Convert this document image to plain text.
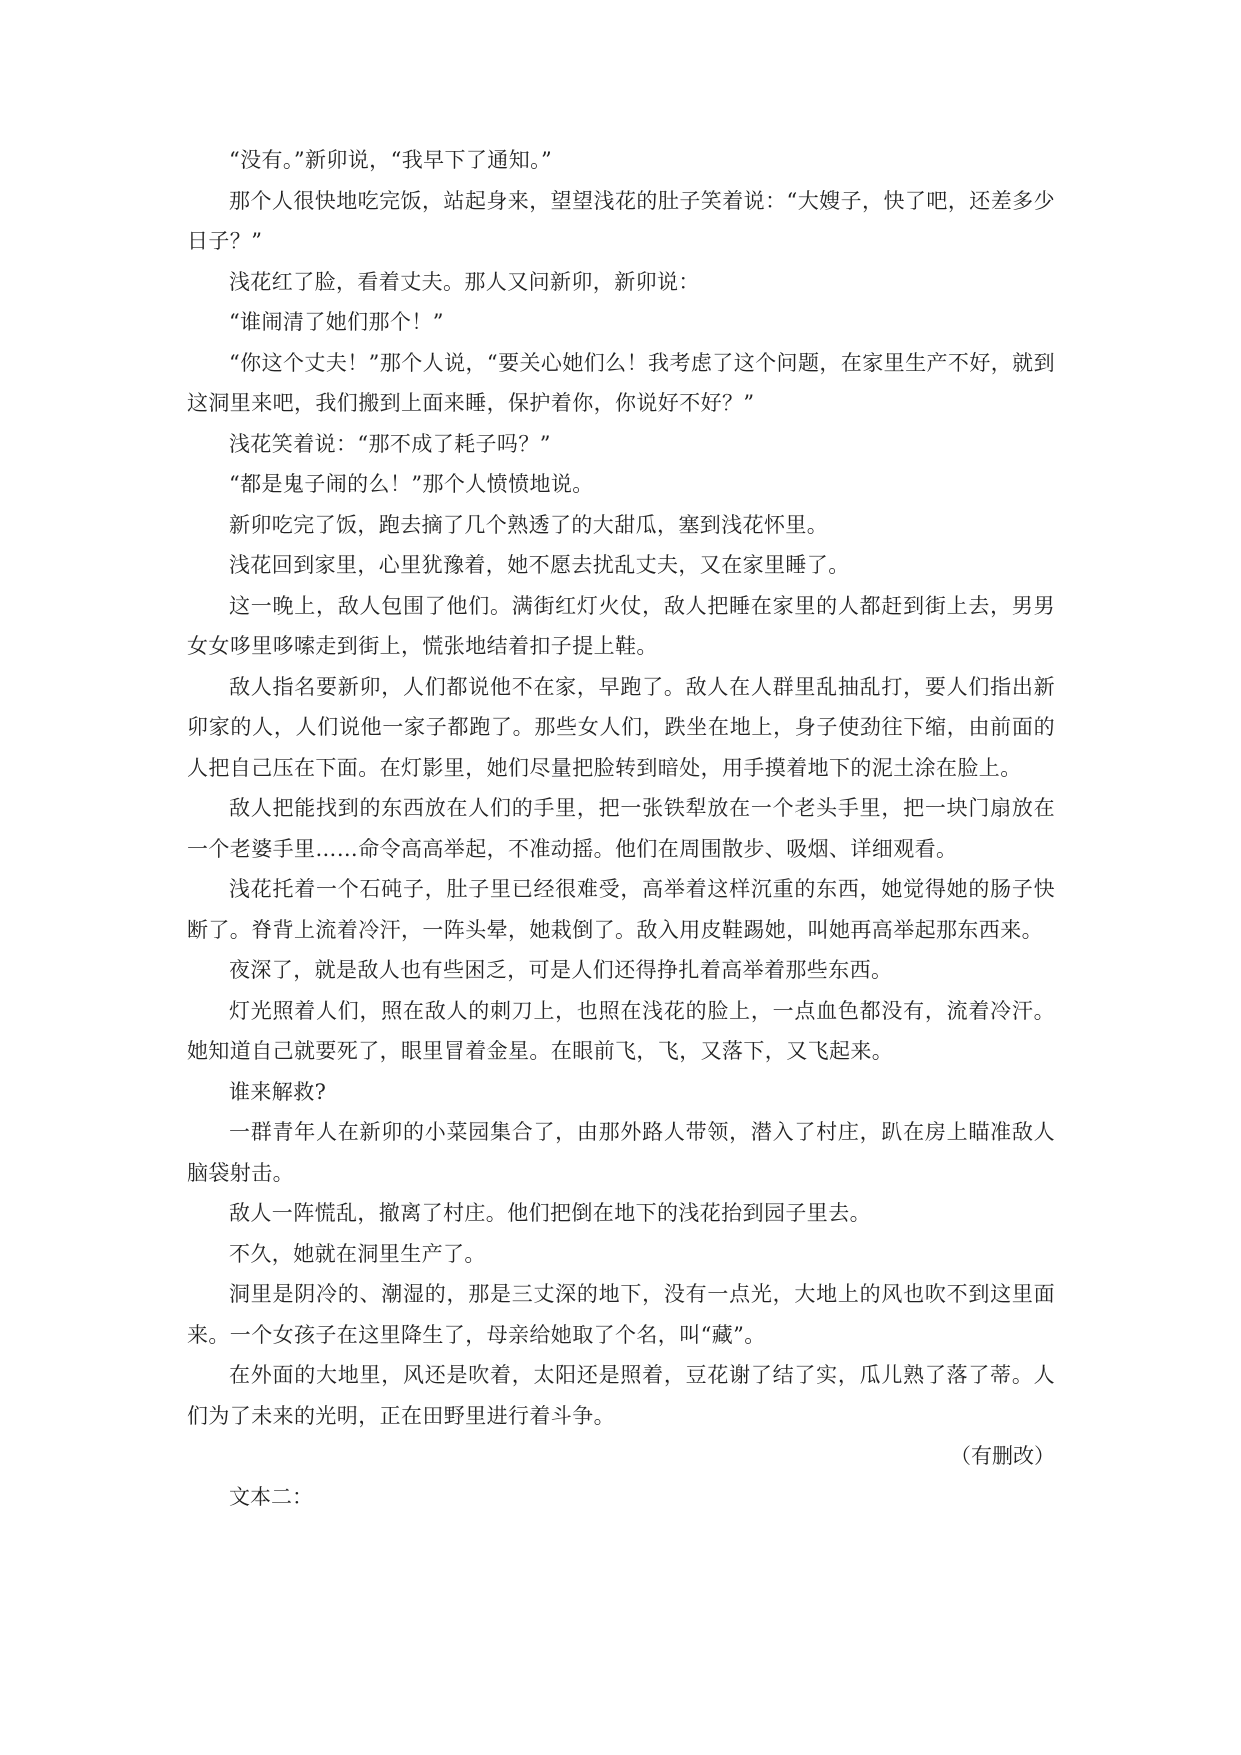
“没有。”新卯说，“我早下了通知。”

那个人很快地吃完饭，站起身来，望望浅花的肚子笑着说：“大嫂子，快了吧，还差多少日子？”

浅花红了脸，看着丈夫。那人又问新卯，新卯说：

“谁闹清了她们那个！”

“你这个丈夫！”那个人说，“要关心她们么！我考虑了这个问题，在家里生产不好，就到这洞里来吧，我们搬到上面来睡，保护着你，你说好不好？”

浅花笑着说：“那不成了耗子吗？”

“都是鬼子闹的么！”那个人愤愤地说。

新卯吃完了饭，跑去摘了几个熟透了的大甜瓜，塞到浅花怀里。

浅花回到家里，心里犹豫着，她不愿去扰乱丈夫，又在家里睡了。

这一晚上，敌人包围了他们。满街红灯火仗，敌人把睡在家里的人都赶到街上去，男男女女哆里哆嗦走到街上，慌张地结着扣子提上鞋。

敌人指名要新卯，人们都说他不在家，早跑了。敌人在人群里乱抽乱打，要人们指出新卯家的人，人们说他一家子都跑了。那些女人们，跌坐在地上，身子使劲往下缩，由前面的人把自己压在下面。在灯影里，她们尽量把脸转到暗处，用手摸着地下的泥土涂在脸上。

敌人把能找到的东西放在人们的手里，把一张铁犁放在一个老头手里，把一块门扇放在一个老婆手里……命令高高举起，不准动摇。他们在周围散步、吸烟、详细观看。

浅花托着一个石砘子，肚子里已经很难受，高举着这样沉重的东西，她觉得她的肠子快断了。脊背上流着冷汗，一阵头晕，她栽倒了。敌入用皮鞋踢她，叫她再高举起那东西来。

夜深了，就是敌人也有些困乏，可是人们还得挣扎着高举着那些东西。

灯光照着人们，照在敌人的刺刀上，也照在浅花的脸上，一点血色都没有，流着冷汗。她知道自己就要死了，眼里冒着金星。在眼前飞，飞，又落下，又飞起来。

谁来解救?

一群青年人在新卯的小菜园集合了，由那外路人带领，潜入了村庄，趴在房上瞄准敌人脑袋射击。

敌人一阵慌乱，撤离了村庄。他们把倒在地下的浅花抬到园子里去。

不久，她就在洞里生产了。

洞里是阴冷的、潮湿的，那是三丈深的地下，没有一点光，大地上的风也吹不到这里面来。一个女孩子在这里降生了，母亲给她取了个名，叫“藏”。

在外面的大地里，风还是吹着，太阳还是照着，豆花谢了结了实，瓜儿熟了落了蒂。人们为了未来的光明，正在田野里进行着斗争。

（有删改）

文本二：
